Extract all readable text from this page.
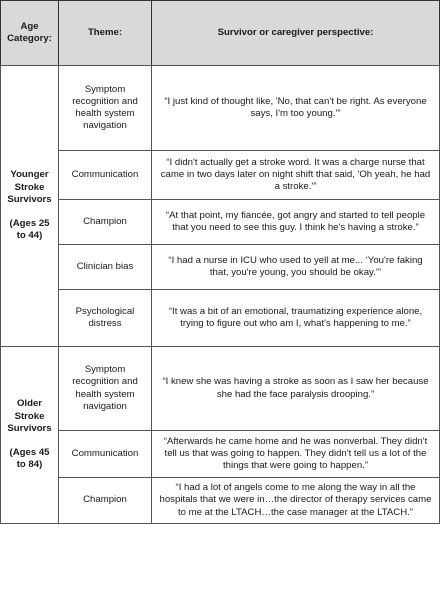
Age Category:
Theme:	Survivor or caregiver perspective:
Younger Stroke Survivors
(Ages 25 to 44)
Symptom recognition and health system navigation
“I just kind of thought like, 'No, that can't be right. As everyone says, I'm too young.'”
Communication
“I didn't actually get a stroke word. It was a charge nurse that came in two days later on night shift that said, 'Oh yeah, he had a stroke.'”
Champion
“At that point, my fiancée, got angry and started to tell people that you need to see this guy. I think he's having a stroke.”
Clinician bias
“I had a nurse in ICU who used to yell at me... ‘You're faking that, you're young, you should be okay.’”
Psychological distress
“It was a bit of an emotional, traumatizing experience alone, trying to figure out who am I, what's happening to me.”
Older Stroke Survivors
(Ages 45 to 84)
Symptom recognition and health system navigation
“I knew she was having a stroke as soon as I saw her because she had the face paralysis drooping.”
Communication
“Afterwards he came home and he was nonverbal. They didn't tell us that was going to happen. They didn't tell us a lot of the things that were going to happen.”
Champion
“I had a lot of angels come to me along the way in all the hospitals that we were in…the director of therapy services came to me at the LTACH…the case manager at the LTACH.”
